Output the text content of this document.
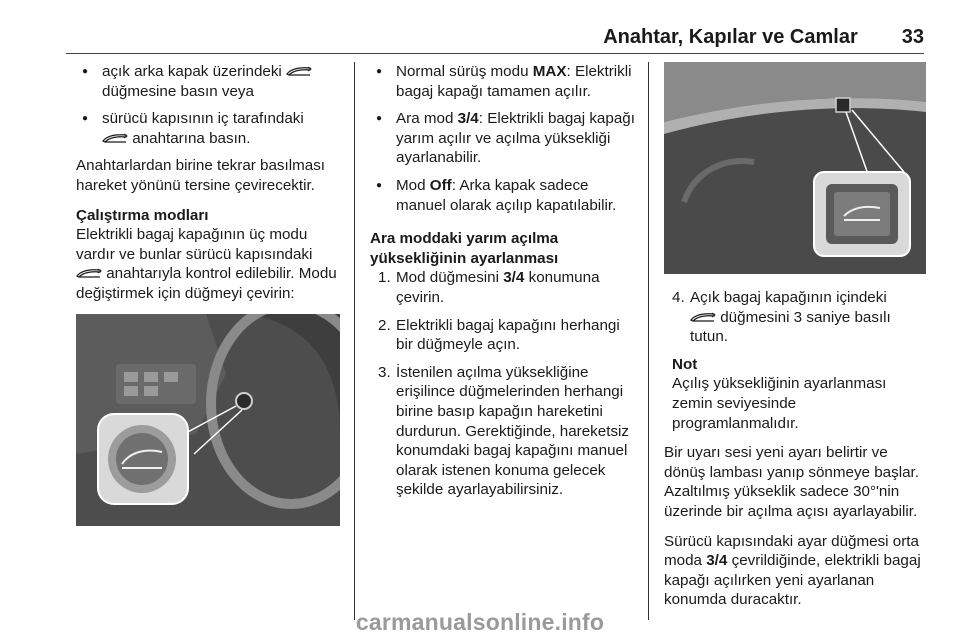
Anahtar, Kapılar ve Camlar 33
● açık arka kapak üzerindeki
düğmesine basın veya
● sürücü kapısının iç tarafındaki
anahtarına basın.

Anahtarlardan birine tekrar basılması hareket yönünü tersine çevirecektir.

Çalıştırma modları

Elektrikli bagaj kapağının üç modu vardır ve bunlar sürücü kapısındaki
anahtarıyla kontrol edilebilir. Modu değiştirmek için düğmeyi çevirin:

● Normal sürüş modu MAX: Elektrikli bagaj kapağı tamamen açılır.
● Ara mod 3/4: Elektrikli bagaj kapağı yarım açılır ve açılma yüksekliği ayarlanabilir.
● Mod Off: Arka kapak sadece manuel olarak açılıp kapatılabilir.
Ara moddaki yarım açılma yüksekliğinin ayarlanması
1. Mod düğmesini 3/4 konumuna çevirin.
2. Elektrikli bagaj kapağını herhangi bir düğmeyle açın.
3. İstenilen açılma yüksekliğine erişilince düğmelerinden herhangi birine basıp kapağın hareketini durdurun. Gerektiğinde, hareketsiz konumdaki bagaj kapağını manuel olarak istenen konuma gelecek şekilde ayarlayabilirsiniz.
4. Açık bagaj kapağının içindeki
düğmesini 3 saniye basılı tutun.
Not

Açılış yüksekliğinin ayarlanması zemin seviyesinde programlanmalıdır.

Bir uyarı sesi yeni ayarı belirtir ve dönüş lambası yanıp sönmeye başlar. Azaltılmış yükseklik sadece 30°'nin üzerinde bir açılma açısı ayarlayabilir.

Sürücü kapısındaki ayar düğmesi orta moda 3/4 çevrildiğinde, elektrikli bagaj kapağı açılırken yeni ayarlanan konumda duracaktır.

carmanualsonline.info
